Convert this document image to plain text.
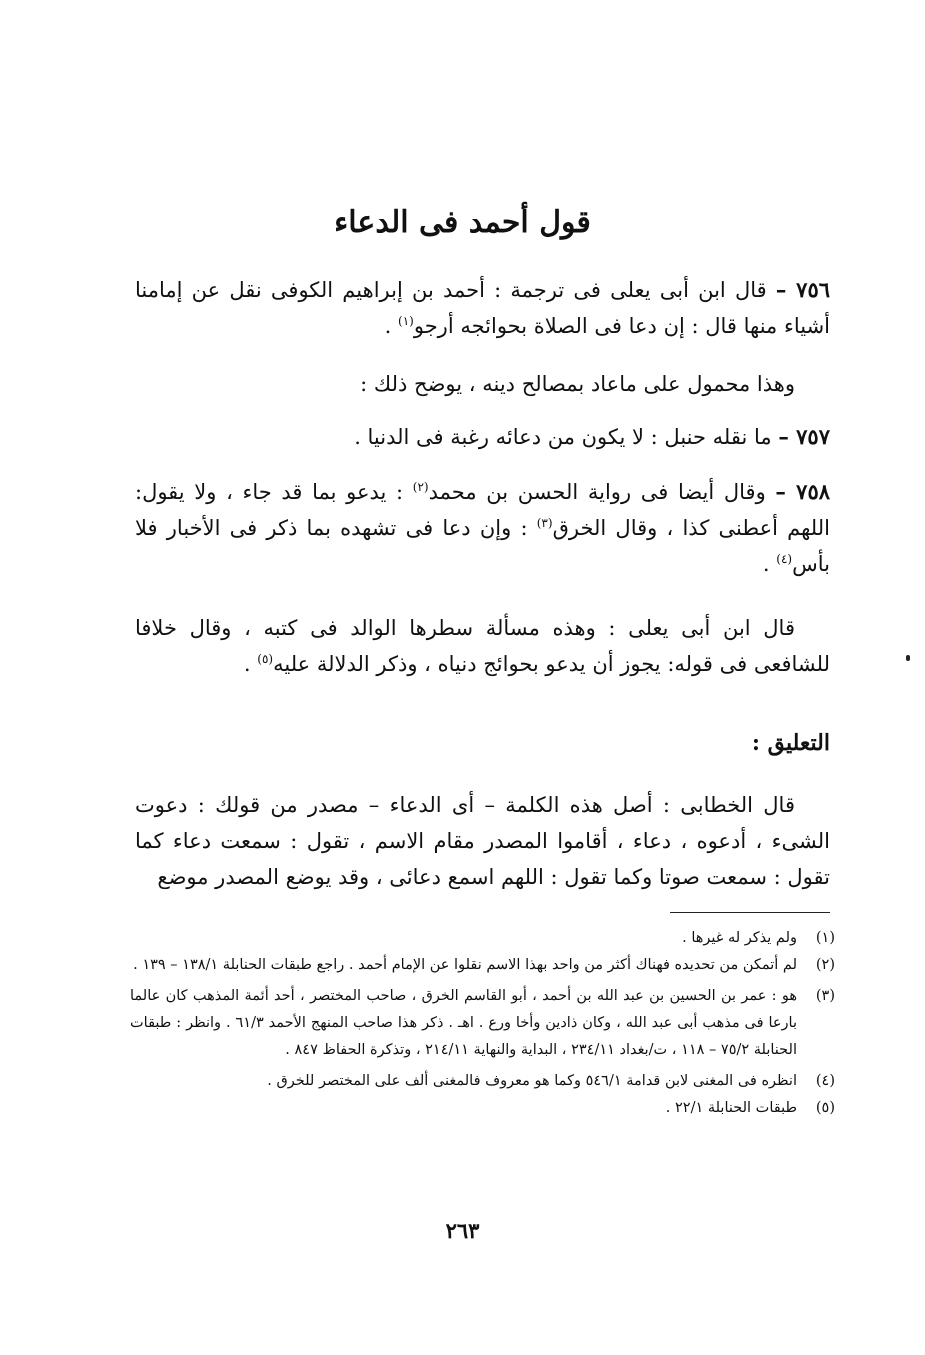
قول أحمد فى الدعاء
٧٥٦ – قال ابن أبى يعلى فى ترجمة : أحمد بن إبراهيم الكوفى نقل عن إمامنا أشياء منها قال : إن دعا فى الصلاة بحوائجه أرجو$^{(١)}$ .
وهذا محمول على ماعاد بمصالح دينه ، يوضح ذلك :
٧٥٧ – ما نقله حنبل : لا يكون من دعائه رغبة فى الدنيا .
٧٥٨ – وقال أيضا فى رواية الحسن بن محمد$^{(٢)}$ : يدعو بما قد جاء ، ولا يقول: اللهم أعطنى كذا ، وقال الخرق$^{(٣)}$ : وإن دعا فى تشهده بما ذكر فى الأخبار فلا بأس$^{(٤)}$ .
قال ابن أبى يعلى : وهذه مسألة سطرها الوالد فى كتبه ، وقال خلافا للشافعى فى قوله: يجوز أن يدعو بحوائج دنياه ، وذكر الدلالة عليه$^{(٥)}$ .
التعليق :
قال الخطابى : أصل هذه الكلمة – أى الدعاء – مصدر من قولك : دعوت الشىء ، أدعوه ، دعاء ، أقاموا المصدر مقام الاسم ، تقول : سمعت دعاء كما تقول : سمعت صوتا وكما تقول : اللهم اسمع دعائى ، وقد يوضع المصدر موضع
(١)
ولم يذكر له غيرها .
(٢)
لم أتمكن من تحديده فهناك أكثر من واحد بهذا الاسم نقلوا عن الإمام أحمد . راجع طبقات الحنابلة ١٣٨/١ – ١٣٩ .
(٣)
هو : عمر بن الحسين بن عبد الله بن أحمد ، أبو القاسم الخرق ، صاحب المختصر ، أحد أئمة المذهب كان عالما بارعا فى مذهب أبى عبد الله ، وكان ذادين وأخا ورع . اهـ . ذكر هذا صاحب المنهج الأحمد ٦١/٣ . وانظر : طبقات الحنابلة ٧٥/٢ – ١١٨ ، ت/بغداد ٢٣٤/١١ ، البداية والنهاية ٢١٤/١١ ، وتذكرة الحفاظ ٨٤٧ .
(٤)
انظره فى المغنى لابن قدامة ٥٤٦/١ وكما هو معروف فالمغنى ألف على المختصر للخرق .
(٥)
طبقات الحنابلة ٢٢/١ .
٢٦٣
